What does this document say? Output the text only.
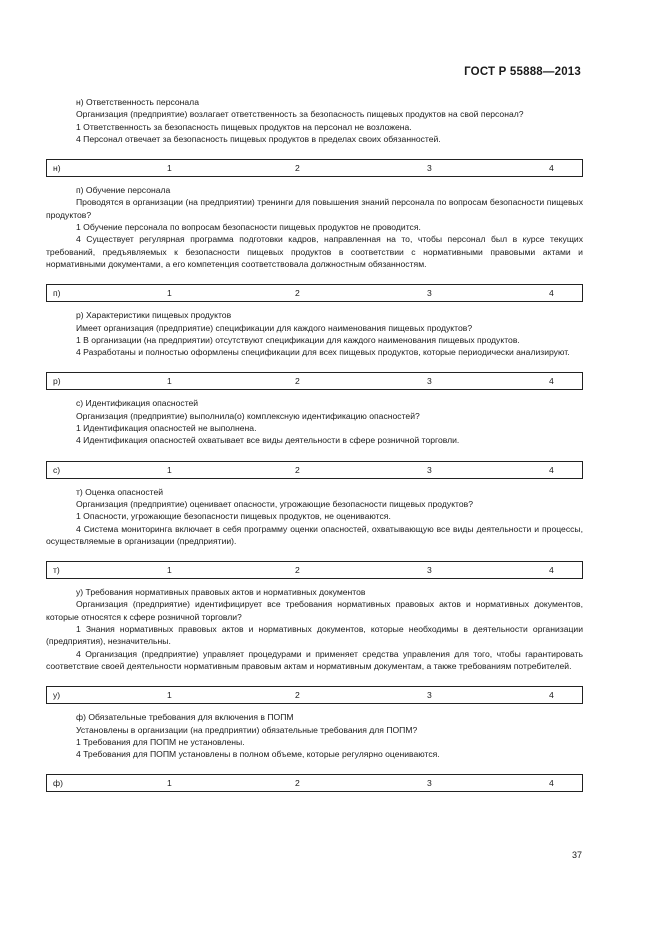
ГОСТ Р 55888—2013

н) Ответственность персонала

Организация (предприятие) возлагает ответственность за безопасность пищевых продуктов на свой персонал?

1 Ответственность за безопасность пищевых продуктов на персонал не возложена.

4 Персонал отвечает за безопасность пищевых продуктов в пределах своих обязанностей.

н)	1	2	3	4

п) Обучение персонала

Проводятся в организации (на предприятии) тренинги для повышения знаний персонала по вопросам безопасности пищевых продуктов?

1 Обучение персонала по вопросам безопасности пищевых продуктов не проводится.

4 Существует регулярная программа подготовки кадров, направленная на то, чтобы персонал был в курсе текущих требований, предъявляемых к безопасности пищевых продуктов в соответствии с нормативными правовыми актами и нормативными документами, а его компетенция соответствовала должностным обязанностям.

п)	1	2	3	4

р) Характеристики пищевых продуктов

Имеет организация (предприятие) спецификации для каждого наименования пищевых продуктов?

1 В организации (на предприятии) отсутствуют спецификации для каждого наименования пищевых продуктов.

4 Разработаны и полностью оформлены спецификации для всех пищевых продуктов, которые периодически анализируют.

р)	1	2	3	4

с) Идентификация опасностей

Организация (предприятие) выполнила(о) комплексную идентификацию опасностей?

1 Идентификация опасностей не выполнена.

4 Идентификация опасностей охватывает все виды деятельности в сфере розничной торговли.

с)	1	2	3	4

т) Оценка опасностей

Организация (предприятие) оценивает опасности, угрожающие безопасности пищевых продуктов?

1 Опасности, угрожающие безопасности пищевых продуктов, не оцениваются.

4 Система мониторинга включает в себя программу оценки опасностей, охватывающую все виды деятельности и процессы, осуществляемые в организации (предприятии).

т)	1	2	3	4

у) Требования нормативных правовых актов и нормативных документов

Организация (предприятие) идентифицирует все требования нормативных правовых актов и нормативных документов, которые относятся к сфере розничной торговли?

1 Знания нормативных правовых актов и нормативных документов, которые необходимы в деятельности организации (предприятия), незначительны.

4 Организация (предприятие) управляет процедурами и применяет средства управления для того, чтобы гарантировать соответствие своей деятельности нормативным правовым актам и нормативным документам, а также требованиям потребителей.

у)	1	2	3	4

ф) Обязательные требования для включения в ПОПМ

Установлены в организации (на предприятии) обязательные требования для ПОПМ?

1 Требования для ПОПМ не установлены.

4 Требования для ПОПМ установлены в полном объеме, которые регулярно оцениваются.

ф)	1	2	3	4
37
